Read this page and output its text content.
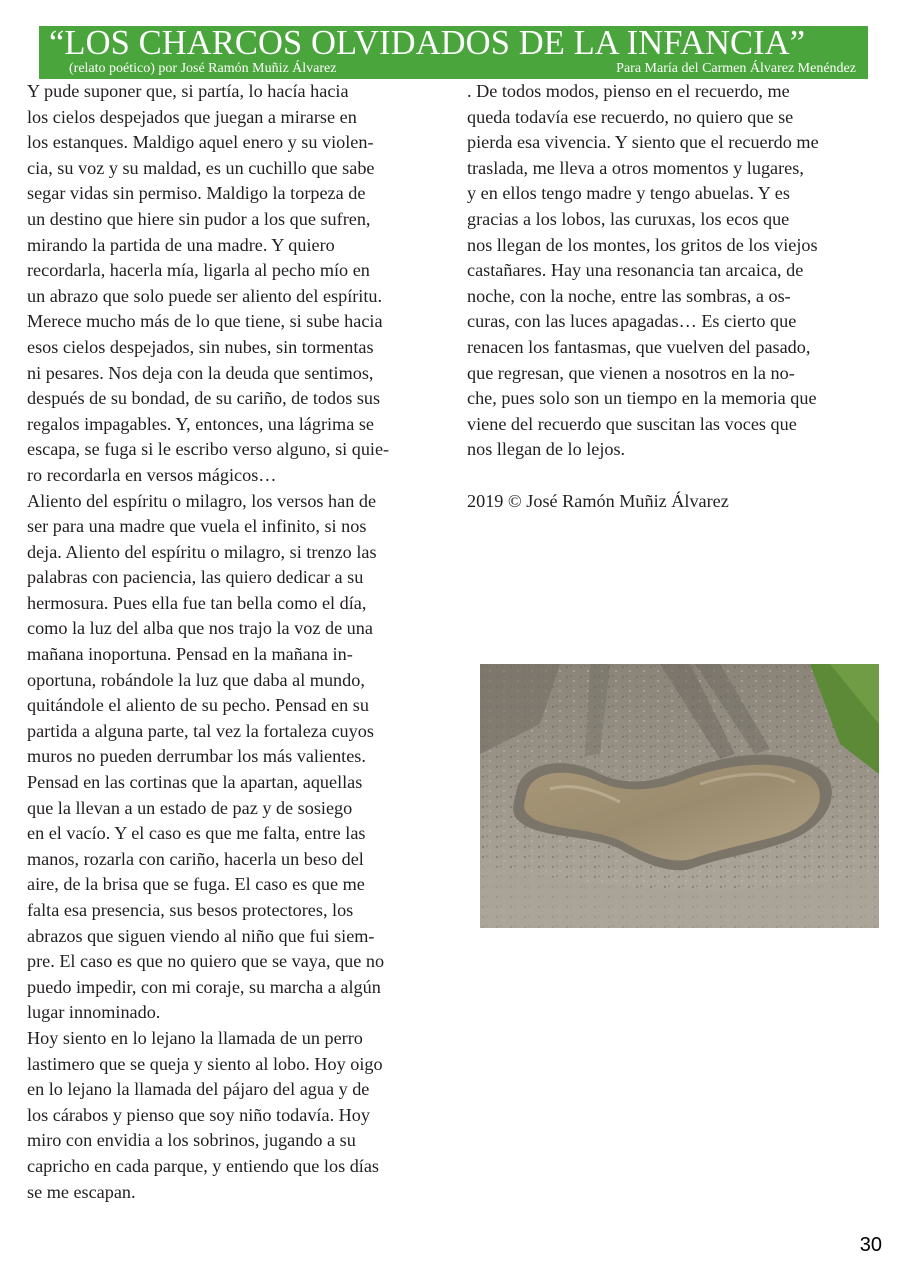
“LOS CHARCOS OLVIDADOS DE LA INFANCIA”
(relato poético) por José Ramón Muñiz Álvarez	Para María del Carmen Álvarez Menéndez
Y pude suponer que, si partía, lo hacía hacia
los cielos despejados que juegan a mirarse en
los estanques. Maldigo aquel enero y su violen-
cia, su voz y su maldad, es un cuchillo que sabe
segar vidas sin permiso. Maldigo la torpeza de
un destino que hiere sin pudor a los que sufren,
mirando la partida de una madre. Y quiero
recordarla, hacerla mía, ligarla al pecho mío en
un abrazo que solo puede ser aliento del espíritu.
Merece mucho más de lo que tiene, si sube hacia
esos cielos despejados, sin nubes, sin tormentas
ni pesares. Nos deja con la deuda que sentimos,
después de su bondad, de su cariño, de todos sus
regalos impagables. Y, entonces, una lágrima se
escapa, se fuga si le escribo verso alguno, si quie-
ro recordarla en versos mágicos…
Aliento del espíritu o milagro, los versos han de
ser para una madre que vuela el infinito, si nos
deja. Aliento del espíritu o milagro, si trenzo las
palabras con paciencia, las quiero dedicar a su
hermosura. Pues ella fue tan bella como el día,
como la luz del alba que nos trajo la voz de una
mañana inoportuna. Pensad en la mañana in-
oportuna, robándole la luz que daba al mundo,
quitándole el aliento de su pecho. Pensad en su
partida a alguna parte, tal vez la fortaleza cuyos
muros no pueden derrumbar los más valientes.
Pensad en las cortinas que la apartan, aquellas
que la llevan a un estado de paz y de sosiego
en el vacío. Y el caso es que me falta, entre las
manos, rozarla con cariño, hacerla un beso del
aire, de la brisa que se fuga. El caso es que me
falta esa presencia, sus besos protectores, los
abrazos que siguen viendo al niño que fui siem-
pre. El caso es que no quiero que se vaya, que no
puedo impedir, con mi coraje, su marcha a algún
lugar innominado.
Hoy siento en lo lejano la llamada de un perro
lastimero que se queja y siento al lobo. Hoy oigo
en lo lejano la llamada del pájaro del agua y de
los cárabos y pienso que soy niño todavía. Hoy
miro con envidia a los sobrinos, jugando a su
capricho en cada parque, y entiendo que los días
se me escapan.
. De todos modos, pienso en el recuerdo, me
queda todavía ese recuerdo, no quiero que se
pierda esa vivencia. Y siento que el recuerdo me
traslada, me lleva a otros momentos y lugares,
y en ellos tengo madre y tengo abuelas. Y es
gracias a los lobos, las curuxas, los ecos que
nos llegan de los montes, los gritos de los viejos
castañares. Hay una resonancia tan arcaica, de
noche, con la noche, entre las sombras, a os-
curas, con las luces apagadas… Es cierto que
renacen los fantasmas, que vuelven del pasado,
que regresan, que vienen a nosotros en la no-
che, pues solo son un tiempo en la memoria que
viene del recuerdo que suscitan las voces que
nos llegan de lo lejos.
2019 © José Ramón Muñiz Álvarez
30
